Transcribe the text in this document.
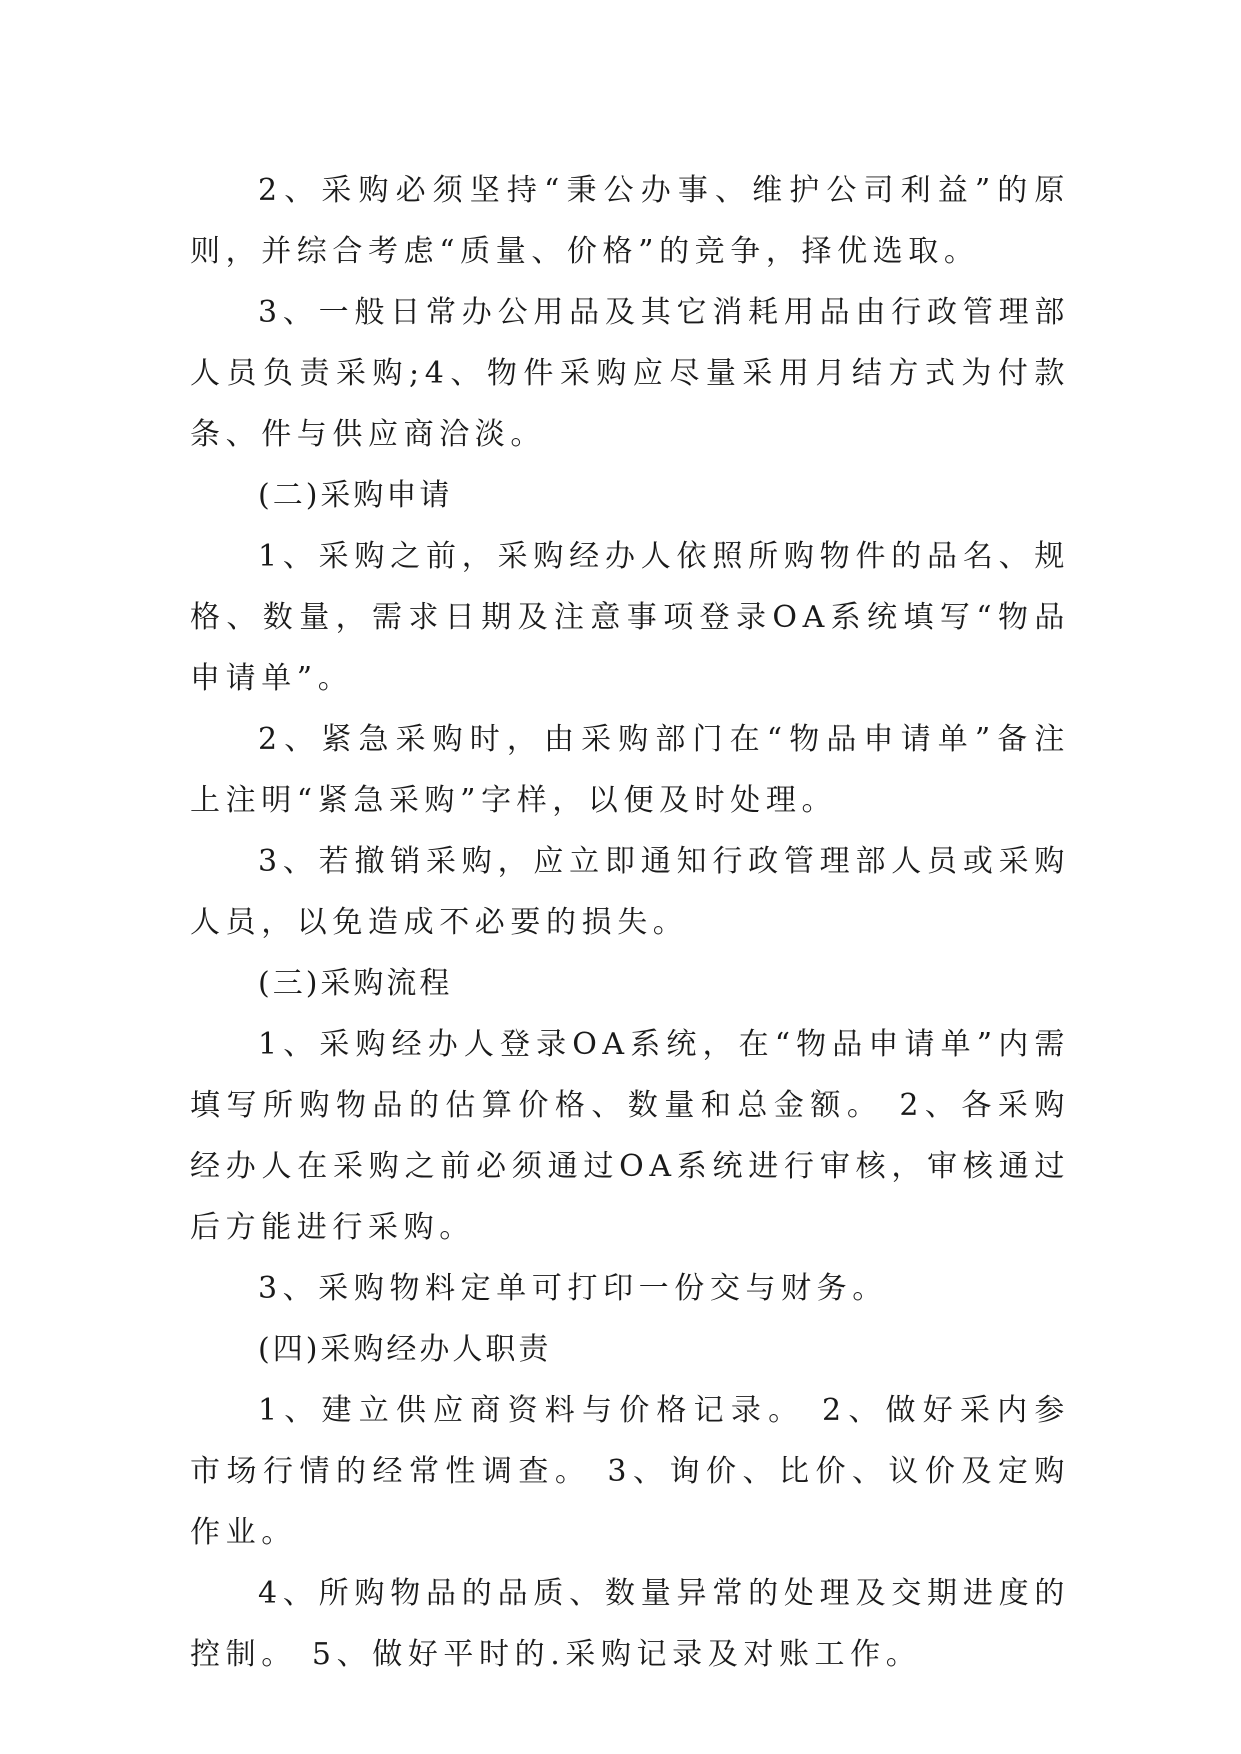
2、采购必须坚持“秉公办事、维护公司利益”的原则，并综合考虑“质量、价格”的竞争，择优选取。

3、一般日常办公用品及其它消耗用品由行政管理部人员负责采购;4、物件采购应尽量采用月结方式为付款条、件与供应商洽淡。

(二)采购申请

1、采购之前，采购经办人依照所购物件的品名、规格、数量，需求日期及注意事项登录OA系统填写“物品申请单”。

2、紧急采购时，由采购部门在“物品申请单”备注上注明“紧急采购”字样，以便及时处理。

3、若撤销采购，应立即通知行政管理部人员或采购人员，以免造成不必要的损失。

(三)采购流程

1、采购经办人登录OA系统，在“物品申请单”内需填写所购物品的估算价格、数量和总金额。 2、各采购经办人在采购之前必须通过OA系统进行审核，审核通过后方能进行采购。

3、采购物料定单可打印一份交与财务。

(四)采购经办人职责

1、建立供应商资料与价格记录。 2、做好采内参市场行情的经常性调查。 3、询价、比价、议价及定购作业。

4、所购物品的品质、数量异常的处理及交期进度的控制。 5、做好平时的.采购记录及对账工作。
